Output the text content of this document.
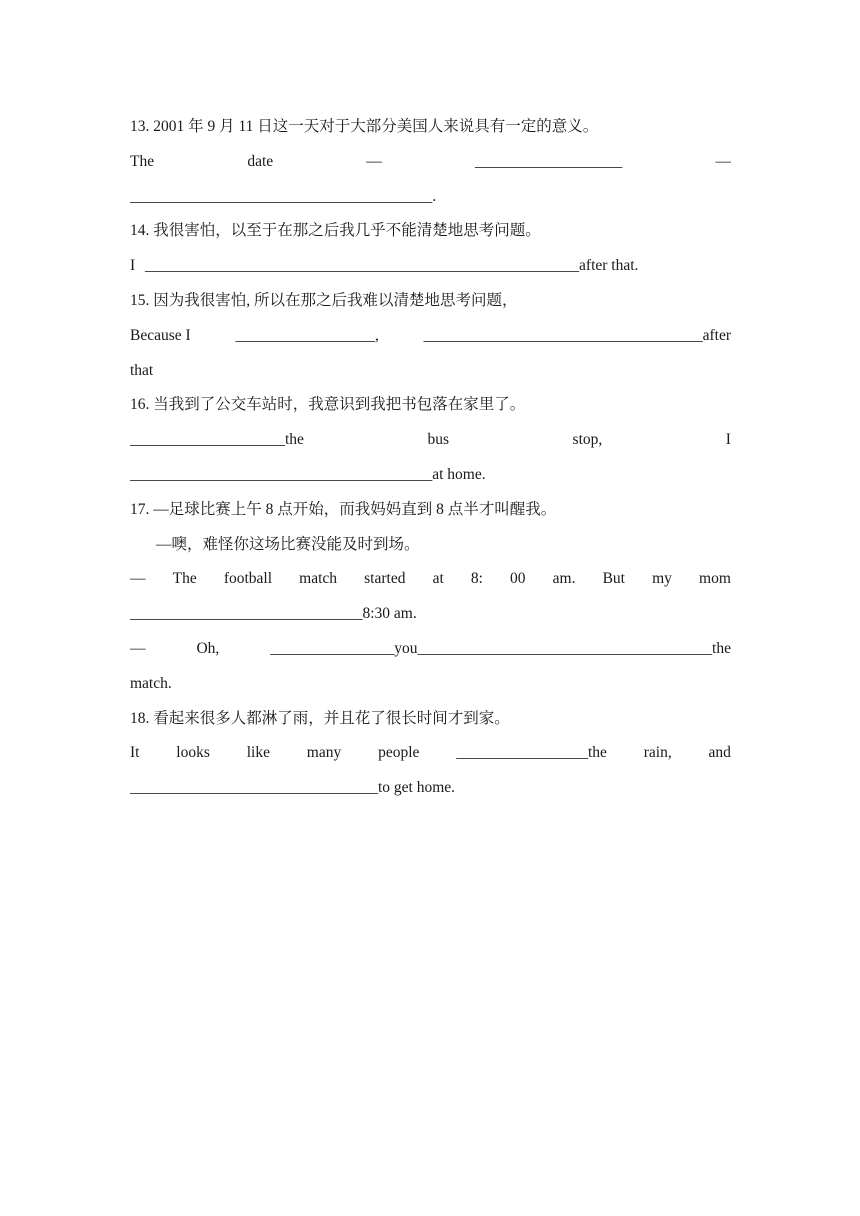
13. 2001 年 9 月 11 日这一天对于大部分美国人来说具有一定的意义。
The	date	—	___________________	—
_______________________________________.
14. 我很害怕，以至于在那之后我几乎不能清楚地思考问题。
I ________________________________________________________after that.
15. 因为我很害怕, 所以在那之后我难以清楚地思考问题，
Because I	__________________,	____________________________________after
that
16. 当我到了公交车站时，我意识到我把书包落在家里了。
____________________the	bus	stop,	I
_______________________________________at home.
17. —足球比赛上午 8 点开始，而我妈妈直到 8 点半才叫醒我。
—噢，难怪你这场比赛没能及时到场。
— The football match started at 8: 00 am. But my mom
______________________________8:30 am.
—	Oh,	________________you______________________________________the
match.
18. 看起来很多人都淋了雨，并且花了很长时间才到家。
It looks like many people _________________the rain, and
________________________________to get home.
